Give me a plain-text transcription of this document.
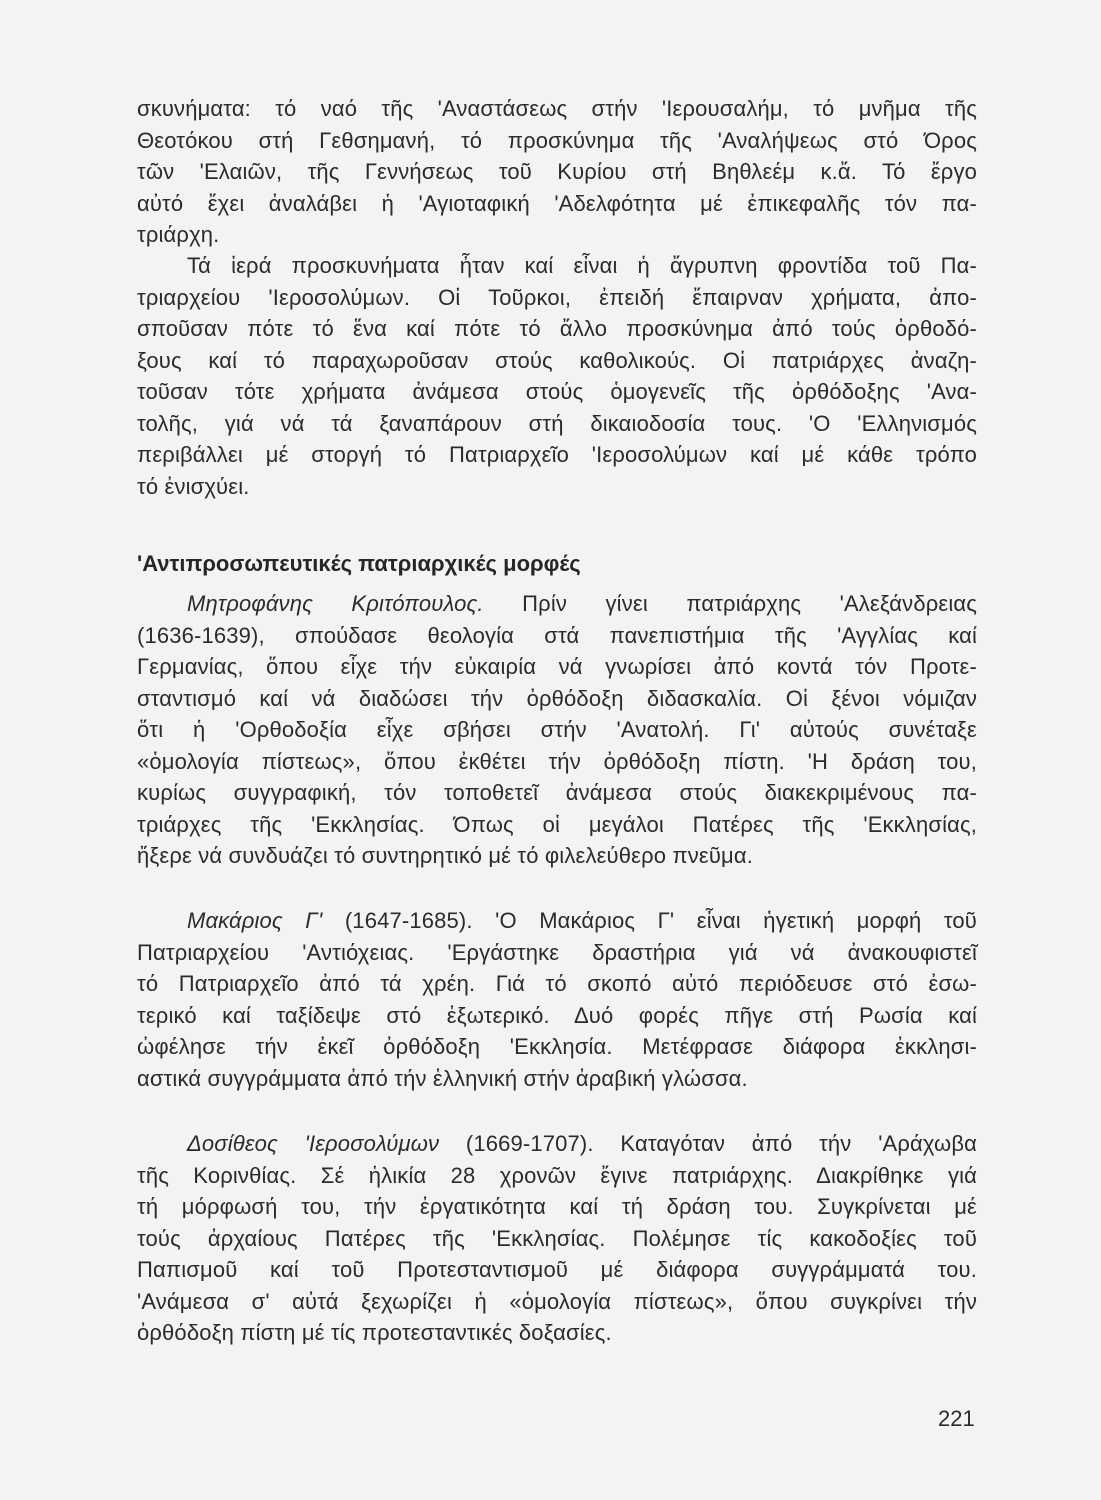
σκυνήματα: τό ναό τῆς 'Αναστάσεως στήν 'Ιερουσαλήμ, τό μνῆμα τῆς
Θεοτόκου στή Γεθσημανή, τό προσκύνημα τῆς 'Αναλήψεως στό Όρος
τῶν 'Ελαιῶν, τῆς Γεννήσεως τοῦ Κυρίου στή Βηθλεέμ κ.ἄ. Τό ἔργο
αὐτό ἔχει ἀναλάβει ἡ 'Αγιοταφική 'Αδελφότητα μέ ἐπικεφαλῆς τόν πα-
τριάρχη.
Τά ἱερά προσκυνήματα ἦταν καί εἶναι ἡ ἄγρυπνη φροντίδα τοῦ Πα-
τριαρχείου 'Ιεροσολύμων. Οἱ Τοῦρκοι, ἐπειδή ἔπαιρναν χρήματα, ἀπο-
σποῦσαν πότε τό ἕνα καί πότε τό ἄλλο προσκύνημα ἀπό τούς ὀρθοδό-
ξους καί τό παραχωροῦσαν στούς καθολικούς. Οἱ πατριάρχες ἀναζη-
τοῦσαν τότε χρήματα ἀνάμεσα στούς ὁμογενεῖς τῆς ὀρθόδοξης 'Ανα-
τολῆς, γιά νά τά ξαναπάρουν στή δικαιοδοσία τους. 'Ο 'Ελληνισμός
περιβάλλει μέ στοργή τό Πατριαρχεῖο 'Ιεροσολύμων καί μέ κάθε τρόπο
τό ἐνισχύει.
'Αντιπροσωπευτικές πατριαρχικές μορφές
Μητροφάνης Κριτόπουλος. Πρίν γίνει πατριάρχης 'Αλεξάνδρειας
(1636-1639), σπούδασε θεολογία στά πανεπιστήμια τῆς 'Αγγλίας καί
Γερμανίας, ὅπου εἶχε τήν εὐκαιρία νά γνωρίσει ἀπό κοντά τόν Προτε-
σταντισμό καί νά διαδώσει τήν ὀρθόδοξη διδασκαλία. Οἱ ξένοι νόμιζαν
ὅτι ἡ 'Ορθοδοξία εἶχε σβήσει στήν 'Ανατολή. Γι' αὐτούς συνέταξε
«ὁμολογία πίστεως», ὅπου ἐκθέτει τήν ὀρθόδοξη πίστη. 'Η δράση του,
κυρίως συγγραφική, τόν τοποθετεῖ ἀνάμεσα στούς διακεκριμένους πα-
τριάρχες τῆς 'Εκκλησίας. Όπως οἱ μεγάλοι Πατέρες τῆς 'Εκκλησίας,
ἤξερε νά συνδυάζει τό συντηρητικό μέ τό φιλελεύθερο πνεῦμα.
Μακάριος Γ' (1647-1685). 'Ο Μακάριος Γ' εἶναι ἡγετική μορφή τοῦ
Πατριαρχείου 'Αντιόχειας. 'Εργάστηκε δραστήρια γιά νά ἀνακουφιστεῖ
τό Πατριαρχεῖο ἀπό τά χρέη. Γιά τό σκοπό αὐτό περιόδευσε στό ἐσω-
τερικό καί ταξίδεψε στό ἐξωτερικό. Δυό φορές πῆγε στή Ρωσία καί
ὠφέλησε τήν ἐκεῖ ὀρθόδοξη 'Εκκλησία. Μετέφρασε διάφορα ἐκκλησι-
αστικά συγγράμματα ἀπό τήν ἑλληνική στήν ἀραβική γλώσσα.
Δοσίθεος 'Ιεροσολύμων (1669-1707). Καταγόταν ἀπό τήν 'Αράχωβα
τῆς Κορινθίας. Σέ ἡλικία 28 χρονῶν ἔγινε πατριάρχης. Διακρίθηκε γιά
τή μόρφωσή του, τήν ἐργατικότητα καί τή δράση του. Συγκρίνεται μέ
τούς ἀρχαίους Πατέρες τῆς 'Εκκλησίας. Πολέμησε τίς κακοδοξίες τοῦ
Παπισμοῦ καί τοῦ Προτεσταντισμοῦ μέ διάφορα συγγράμματά του.
'Ανάμεσα σ' αὐτά ξεχωρίζει ἡ «ὁμολογία πίστεως», ὅπου συγκρίνει τήν
ὀρθόδοξη πίστη μέ τίς προτεσταντικές δοξασίες.
221
